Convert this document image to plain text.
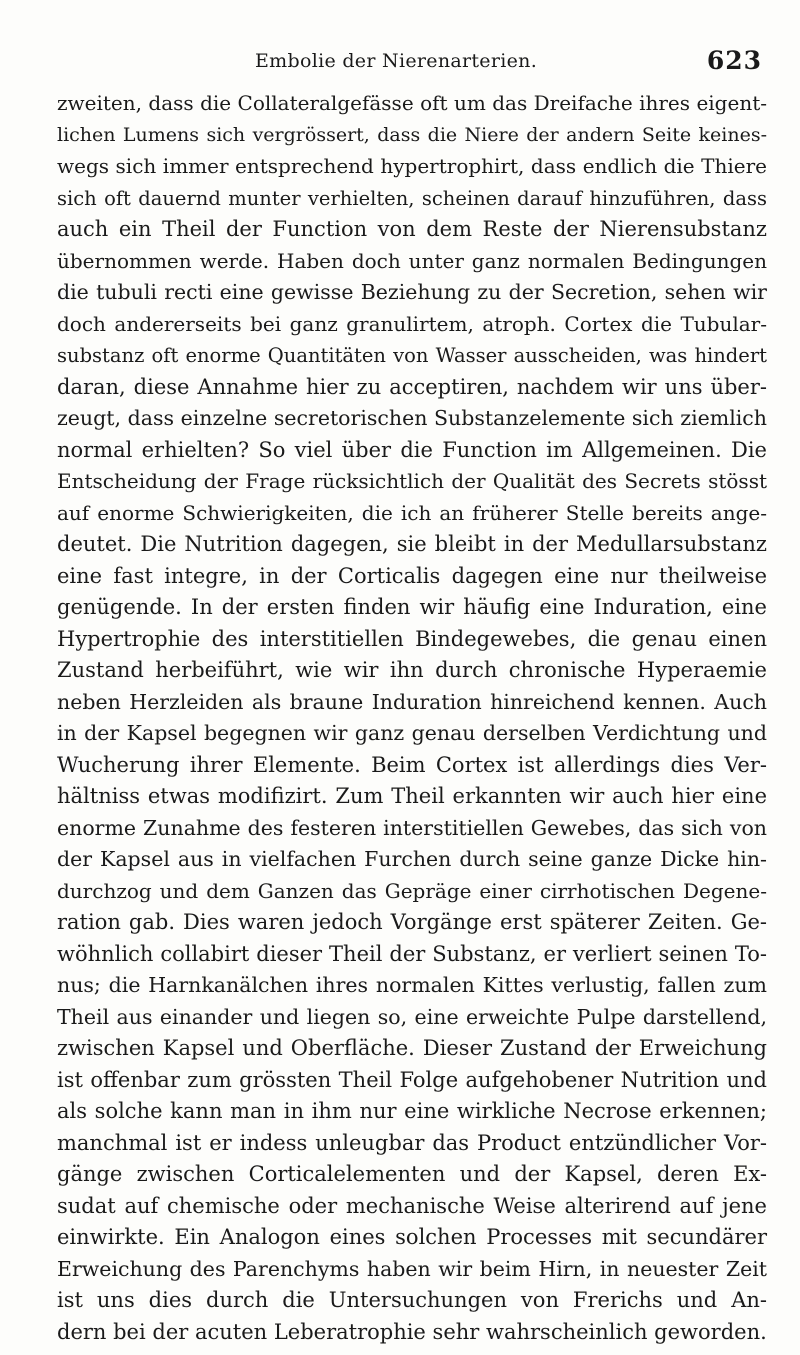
Embolie der Nierenarterien.	623
zweiten, dass die Collateralgefässe oft um das Dreifache ihres eigent-
lichen Lumens sich vergrössert, dass die Niere der andern Seite keines-
wegs sich immer entsprechend hypertrophirt, dass endlich die Thiere
sich oft dauernd munter verhielten, scheinen darauf hinzuführen, dass
auch ein Theil der Function von dem Reste der Nierensubstanz
übernommen werde. Haben doch unter ganz normalen Bedingungen
die tubuli recti eine gewisse Beziehung zu der Secretion, sehen wir
doch andererseits bei ganz granulirtem, atroph. Cortex die Tubular-
substanz oft enorme Quantitäten von Wasser ausscheiden, was hindert
daran, diese Annahme hier zu acceptiren, nachdem wir uns über-
zeugt, dass einzelne secretorischen Substanzelemente sich ziemlich
normal erhielten? So viel über die Function im Allgemeinen. Die
Entscheidung der Frage rücksichtlich der Qualität des Secrets stösst
auf enorme Schwierigkeiten, die ich an früherer Stelle bereits ange-
deutet. Die Nutrition dagegen, sie bleibt in der Medullarsubstanz
eine fast integre, in der Corticalis dagegen eine nur theilweise
genügende. In der ersten finden wir häufig eine Induration, eine
Hypertrophie des interstitiellen Bindegewebes, die genau einen
Zustand herbeiführt, wie wir ihn durch chronische Hyperaemie
neben Herzleiden als braune Induration hinreichend kennen. Auch
in der Kapsel begegnen wir ganz genau derselben Verdichtung und
Wucherung ihrer Elemente. Beim Cortex ist allerdings dies Ver-
hältniss etwas modifizirt. Zum Theil erkannten wir auch hier eine
enorme Zunahme des festeren interstitiellen Gewebes, das sich von
der Kapsel aus in vielfachen Furchen durch seine ganze Dicke hin-
durchzog und dem Ganzen das Gepräge einer cirrhotischen Degene-
ration gab. Dies waren jedoch Vorgänge erst späterer Zeiten. Ge-
wöhnlich collabirt dieser Theil der Substanz, er verliert seinen To-
nus; die Harnkanälchen ihres normalen Kittes verlustig, fallen zum
Theil aus einander und liegen so, eine erweichte Pulpe darstellend,
zwischen Kapsel und Oberfläche. Dieser Zustand der Erweichung
ist offenbar zum grössten Theil Folge aufgehobener Nutrition und
als solche kann man in ihm nur eine wirkliche Necrose erkennen;
manchmal ist er indess unleugbar das Product entzündlicher Vor-
gänge zwischen Corticalelementen und der Kapsel, deren Ex-
sudat auf chemische oder mechanische Weise alterirend auf jene
einwirkte. Ein Analogon eines solchen Processes mit secundärer
Erweichung des Parenchyms haben wir beim Hirn, in neuester Zeit
ist uns dies durch die Untersuchungen von Frerichs und An-
dern bei der acuten Leberatrophie sehr wahrscheinlich geworden.
